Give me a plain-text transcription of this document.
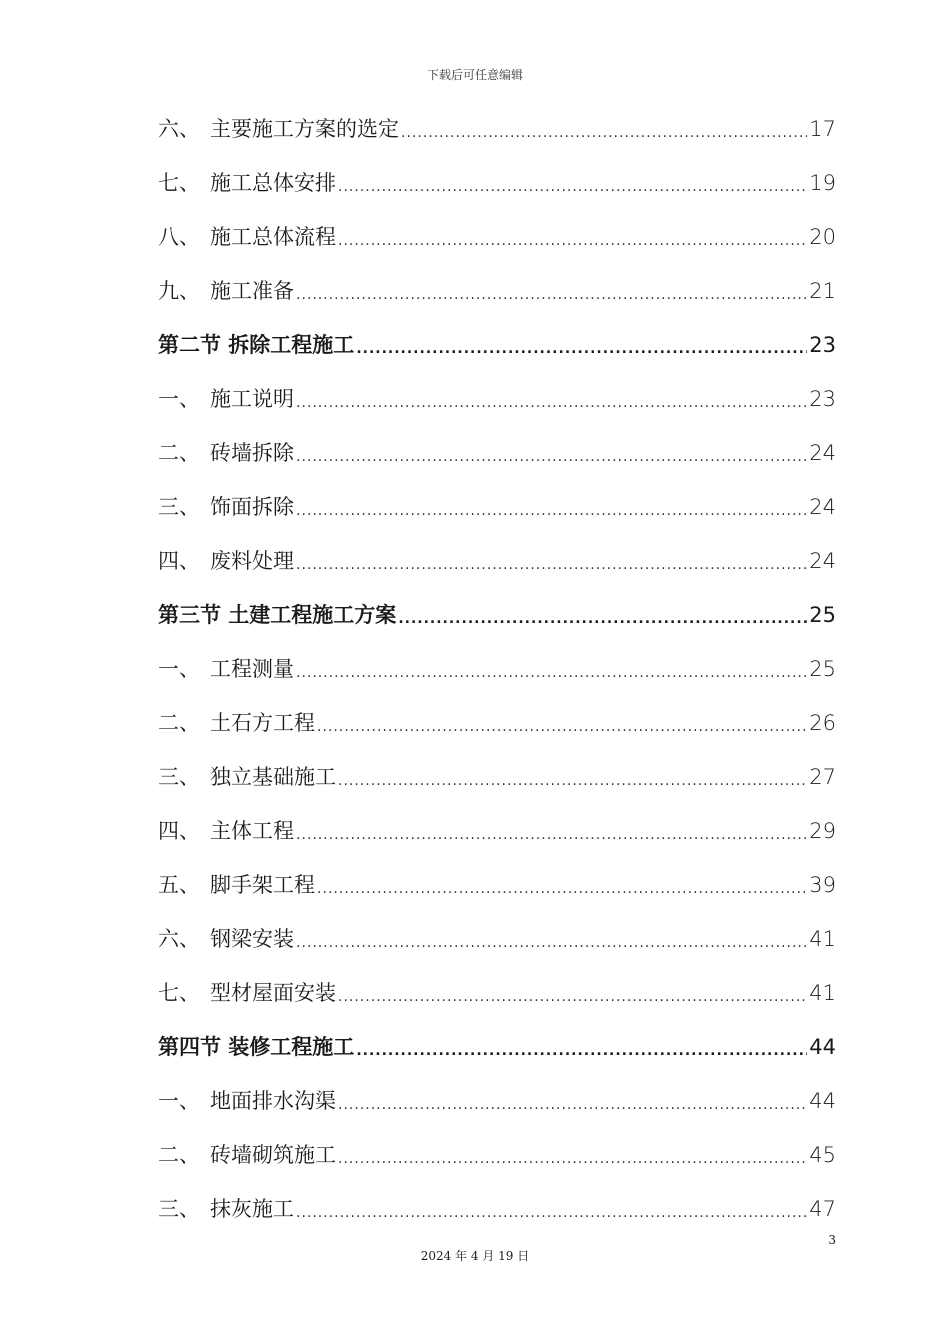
下载后可任意编辑
六、 主要施工方案的选定 .....	17
七、 施工总体安排 .....	19
八、 施工总体流程 .....	20
九、 施工准备 .....	21
第二节 拆除工程施工 .....	23
一、 施工说明 .....	23
二、 砖墙拆除 .....	24
三、 饰面拆除 .....	24
四、 废料处理 .....	24
第三节 土建工程施工方案 .....	25
一、 工程测量 .....	25
二、 土石方工程 .....	26
三、 独立基础施工 .....	27
四、 主体工程 .....	29
五、 脚手架工程 .....	39
六、 钢梁安装 .....	41
七、 型材屋面安装 .....	41
第四节 装修工程施工 .....	44
一、 地面排水沟渠 .....	44
二、 砖墙砌筑施工 .....	45
三、 抹灰施工 .....	47
3
2024 年 4 月 19 日
